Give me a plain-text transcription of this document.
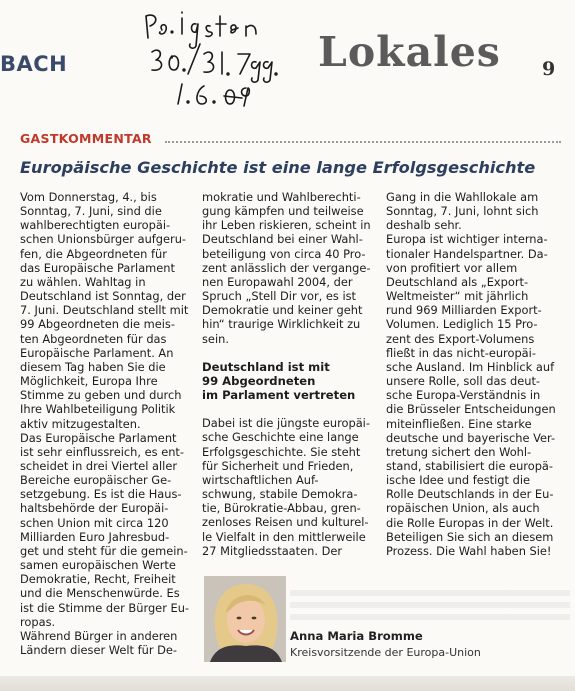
BACH	Lokales 9
GASTKOMMENTAR
Europäische Geschichte ist eine lange Erfolgsgeschichte

Vom Donnerstag, 4., bis
Sonntag, 7. Juni, sind die
wahlberechtigten europäi-
schen Unionsbürger aufgeru-
fen, die Abgeordneten für
das Europäische Parlament
zu wählen. Wahltag in
Deutschland ist Sonntag, der
7. Juni. Deutschland stellt mit
99 Abgeordneten die meis-
ten Abgeordneten für das
Europäische Parlament. An
diesem Tag haben Sie die
Möglichkeit, Europa Ihre
Stimme zu geben und durch
Ihre Wahlbeteiligung Politik
aktiv mitzugestalten.

Das Europäische Parlament
ist sehr einflussreich, es ent-
scheidet in drei Viertel aller
Bereiche europäischer Ge-
setzgebung. Es ist die Haus-
haltsbehörde der Europäi-
schen Union mit circa 120
Milliarden Euro Jahresbud-
get und steht für die gemein-
samen europäischen Werte
Demokratie, Recht, Freiheit
und die Menschenwürde. Es
ist die Stimme der Bürger Eu-
ropas.

Während Bürger in anderen
Ländern dieser Welt für De-

mokratie und Wahlberechti-
gung kämpfen und teilweise
ihr Leben riskieren, scheint in
Deutschland bei einer Wahl-
beteiligung von circa 40 Pro-
zent anlässlich der vergange-
nen Europawahl 2004, der
Spruch „Stell Dir vor, es ist
Demokratie und keiner geht
hin“ traurige Wirklichkeit zu
sein.

Deutschland ist mit
99 Abgeordneten
im Parlament vertreten

Dabei ist die jüngste europäi-
sche Geschichte eine lange
Erfolgsgeschichte. Sie steht
für Sicherheit und Frieden,
wirtschaftlichen Auf-
schwung, stabile Demokra-
tie, Bürokratie-Abbau, gren-
zenloses Reisen und kulturel-
le Vielfalt in den mittlerweile
27 Mitgliedsstaaten. Der

Gang in die Wahllokale am
Sonntag, 7. Juni, lohnt sich
deshalb sehr.

Europa ist wichtiger interna-
tionaler Handelspartner. Da-
von profitiert vor allem
Deutschland als „Export-
Weltmeister“ mit jährlich
rund 969 Milliarden Export-
Volumen. Lediglich 15 Pro-
zent des Export-Volumens
fließt in das nicht-europäi-
sche Ausland. Im Hinblick auf
unsere Rolle, soll das deut-
sche Europa-Verständnis in
die Brüsseler Entscheidungen
miteinfließen. Eine starke
deutsche und bayerische Ver-
tretung sichert den Wohl-
stand, stabilisiert die europä-
ische Idee und festigt die
Rolle Deutschlands in der Eu-
ropäischen Union, als auch
die Rolle Europas in der Welt.
Beteiligen Sie sich an diesem
Prozess. Die Wahl haben Sie!

Anna Maria Bromme
Kreisvorsitzende der Europa-Union
